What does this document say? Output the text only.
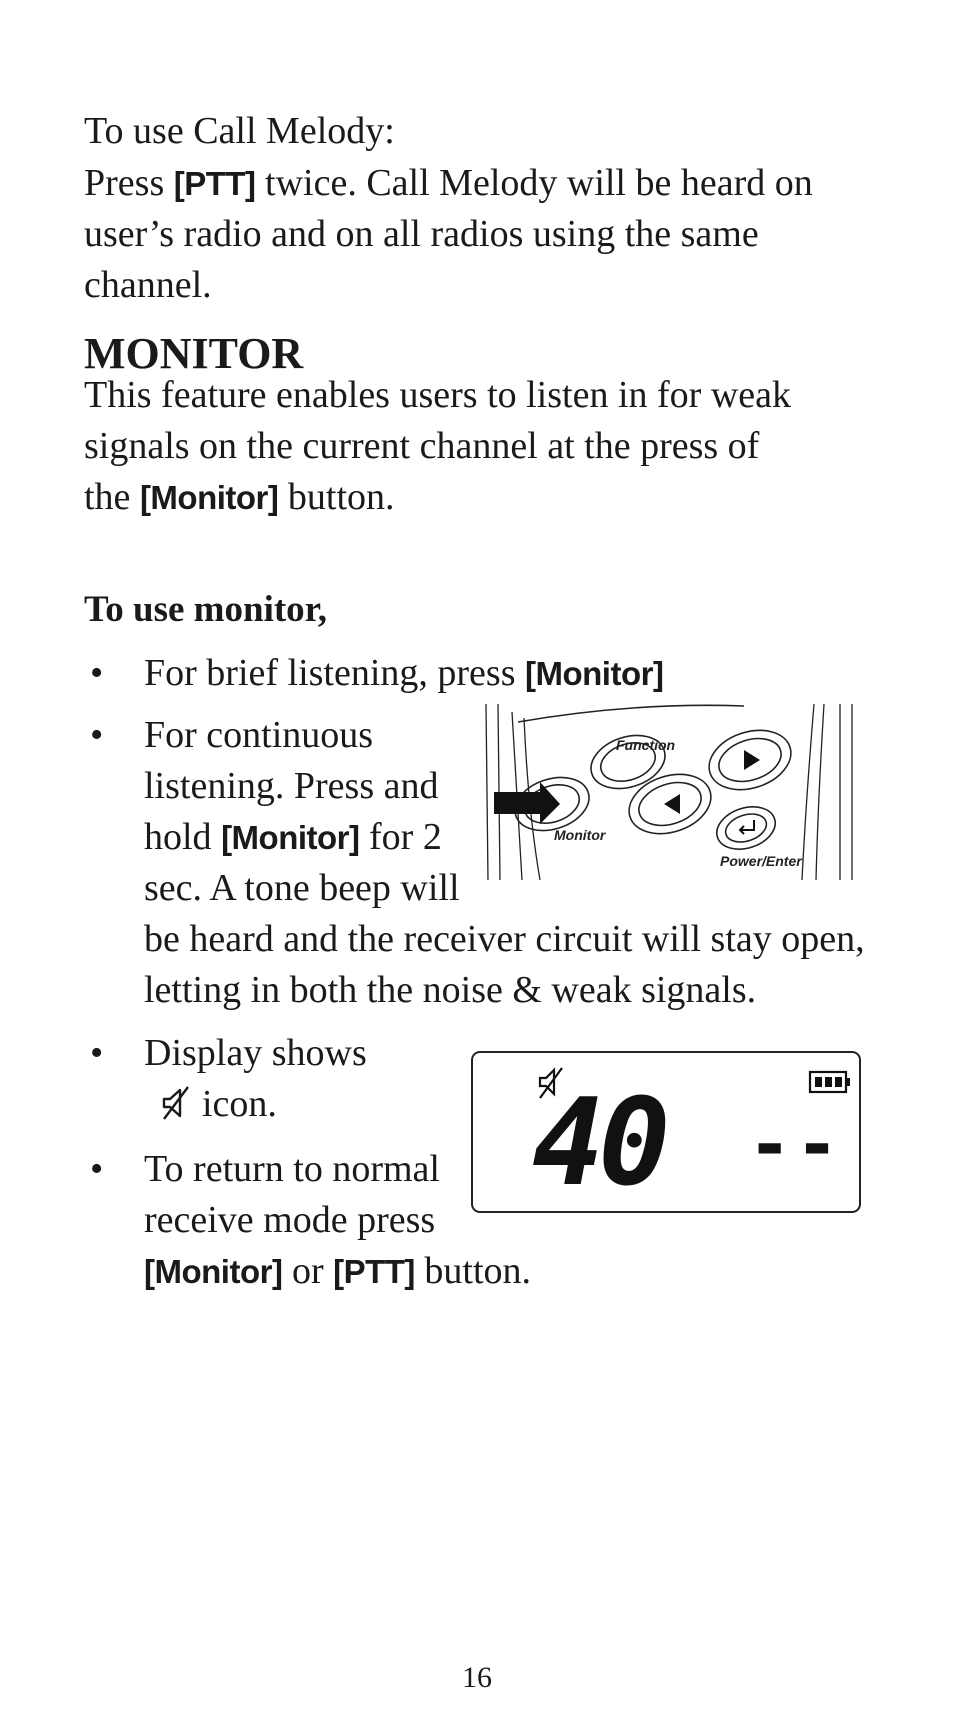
To use Call Melody:

Press [PTT] twice. Call Melody will be heard on user’s radio and on all radios using the same channel.

MONITOR

This feature enables users to listen in for weak signals on the current channel at the press of the [Monitor] button.

To use monitor,

• For brief listening, press [Monitor]
• For continuous
listening. Press and
hold [Monitor] for 2
sec. A tone beep will
be heard and the receiver circuit will stay open,
letting in both the noise & weak signals.
Function
Monitor
Power/Enter
• Display shows
icon.	40 --
• To return to normal
receive mode press
[Monitor] or [PTT] button.
16
